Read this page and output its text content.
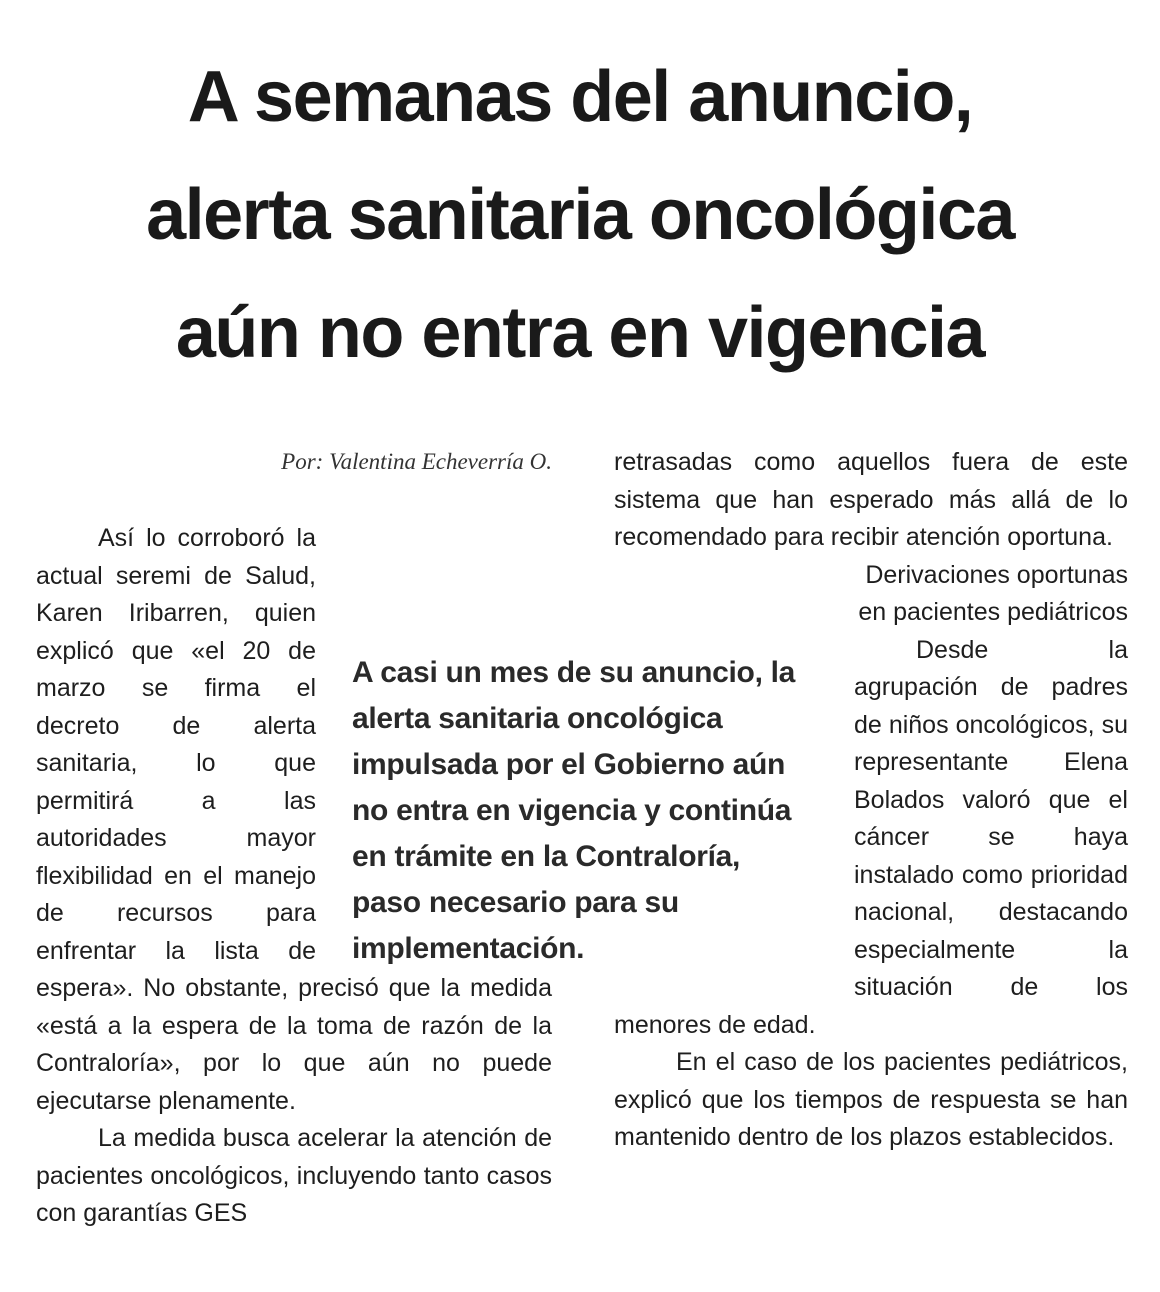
A semanas del anuncio,
alerta sanitaria oncológica
aún no entra en vigencia

Por: Valentina Echeverría O.

Así lo corroboró la actual seremi de Salud, Karen Iribarren, quien explicó que «el 20 de marzo se firma el decreto de alerta sanitaria, lo que permitirá a las autoridades mayor flexibilidad en el manejo de recursos para enfrentar la lista de espera». No obstante, precisó que la medida «está a la espera de la toma de razón de la Contraloría», por lo que aún no puede ejecutarse plenamente.

La medida busca acelerar la atención de pacientes oncológicos, incluyendo tanto casos con garantías GES

retrasadas como aquellos fuera de este sistema que han esperado más allá de lo recomendado para recibir atención oportuna.

Derivaciones oportunas en pacientes pediátricos

Desde la agrupación de padres de niños oncológicos, su representante Elena Bolados valoró que el cáncer se haya instalado como prioridad nacional, destacando especialmente la situación de los menores de edad.

En el caso de los pacientes pediátricos, explicó que los tiempos de respuesta se han mantenido dentro de los plazos establecidos.

A casi un mes de su anuncio, la alerta sanitaria oncológica impulsada por el Gobierno aún no entra en vigencia y continúa en trámite en la Contraloría, paso necesario para su implementación.
